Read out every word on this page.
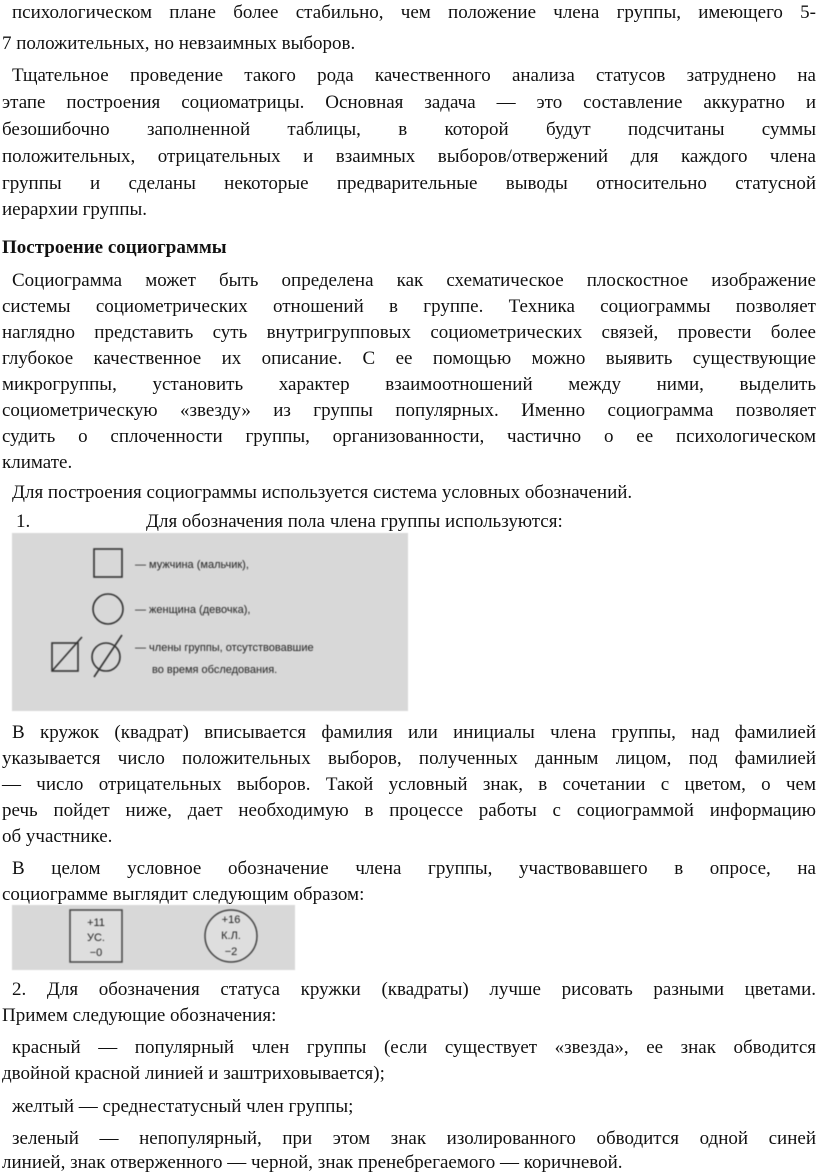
психологическом плане более стабильно, чем положение члена группы, имеющего 5-
7 положительных, но невзаимных выборов.
Тщательное проведение такого рода качественного анализа статусов затруднено на
этапе построения социоматрицы. Основная задача — это составление аккуратно и
безошибочно заполненной таблицы, в которой будут подсчитаны суммы
положительных, отрицательных и взаимных выборов/отвержений для каждого члена
группы и сделаны некоторые предварительные выводы относительно статусной
иерархии группы.
Построение социограммы
Социограмма может быть определена как схематическое плоскостное изображение
системы социометрических отношений в группе. Техника социограммы позволяет
наглядно представить суть внутригрупповых социометрических связей, провести более
глубокое качественное их описание. С ее помощью можно выявить существующие
микрогруппы, установить характер взаимоотношений между ними, выделить
социометрическую «звезду» из группы популярных. Именно социограмма позволяет
судить о сплоченности группы, организованности, частично о ее психологическом
климате.
Для построения социограммы используется система условных обозначений.
1.	Для обозначения пола члена группы используются:
— мужчина (мальчик),
— женщина (девочка),
— члены группы, отсутствовавшие
во время обследования.
В кружок (квадрат) вписывается фамилия или инициалы члена группы, над фамилией
указывается число положительных выборов, полученных данным лицом, под фамилией
— число отрицательных выборов. Такой условный знак, в сочетании с цветом, о чем
речь пойдет ниже, дает необходимую в процессе работы с социограммой информацию
об участнике.
В целом условное обозначение члена группы, участвовавшего в опросе, на
социограмме выглядит следующим образом:
+11
УС.
−0
+16
К.Л.
−2
2. Для обозначения статуса кружки (квадраты) лучше рисовать разными цветами.
Примем следующие обозначения:
красный — популярный член группы (если существует «звезда», ее знак обводится
двойной красной линией и заштриховывается);
желтый — среднестатусный член группы;
зеленый — непопулярный, при этом знак изолированного обводится одной синей
линией, знак отверженного — черной, знак пренебрегаемого — коричневой.
